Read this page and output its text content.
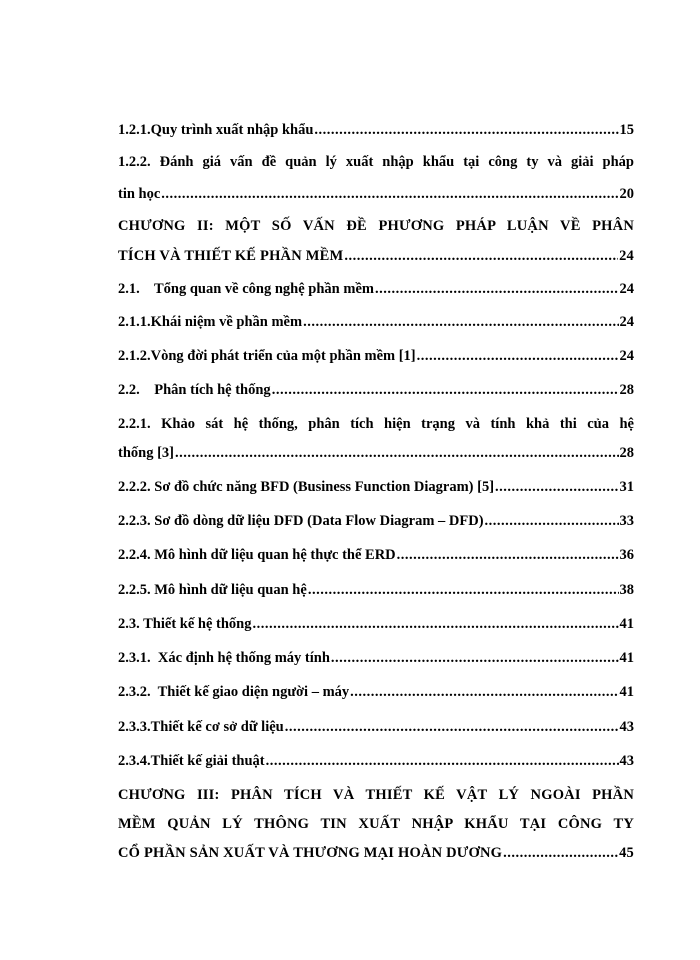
1.2.1.Quy trình xuất nhập khẩu .....	15
1.2.2. Đánh giá vấn đề quản lý xuất nhập khẩu tại công ty và giải pháp
tin học .....	20
CHƯƠNG II: MỘT SỐ VẤN ĐỀ PHƯƠNG PHÁP LUẬN VỀ PHÂN
TÍCH VÀ THIẾT KẾ PHẦN MỀM .....	24
2.1.    Tổng quan về công nghệ phần mềm .....	24
2.1.1.Khái niệm về phần mềm .....	24
2.1.2.Vòng đời phát triển của một phần mềm [1] .....	24
2.2.    Phân tích hệ thống .....	28
2.2.1. Khảo sát hệ thống, phân tích hiện trạng và tính khả thi của hệ
thống [3] .....	28
2.2.2. Sơ đồ chức năng BFD (Business Function Diagram) [5] .....	31
2.2.3. Sơ đồ dòng dữ liệu DFD (Data Flow Diagram – DFD) .....	33
2.2.4. Mô hình dữ liệu quan hệ thực thể ERD .....	36
2.2.5. Mô hình dữ liệu quan hệ .....	38
2.3. Thiết kế hệ thống .....	41
2.3.1.  Xác định hệ thống máy tính .....	41
2.3.2.  Thiết kế giao diện người – máy .....	41
2.3.3.Thiết kế cơ sở dữ liệu .....	43
2.3.4.Thiết kế giải thuật .....	43
CHƯƠNG III: PHÂN TÍCH VÀ THIẾT KẾ VẬT LÝ NGOÀI PHẦN
MỀM QUẢN LÝ THÔNG TIN XUẤT NHẬP KHẨU TẠI CÔNG TY
CỔ PHẦN SẢN XUẤT VÀ THƯƠNG MẠI HOÀN DƯƠNG .....	45
